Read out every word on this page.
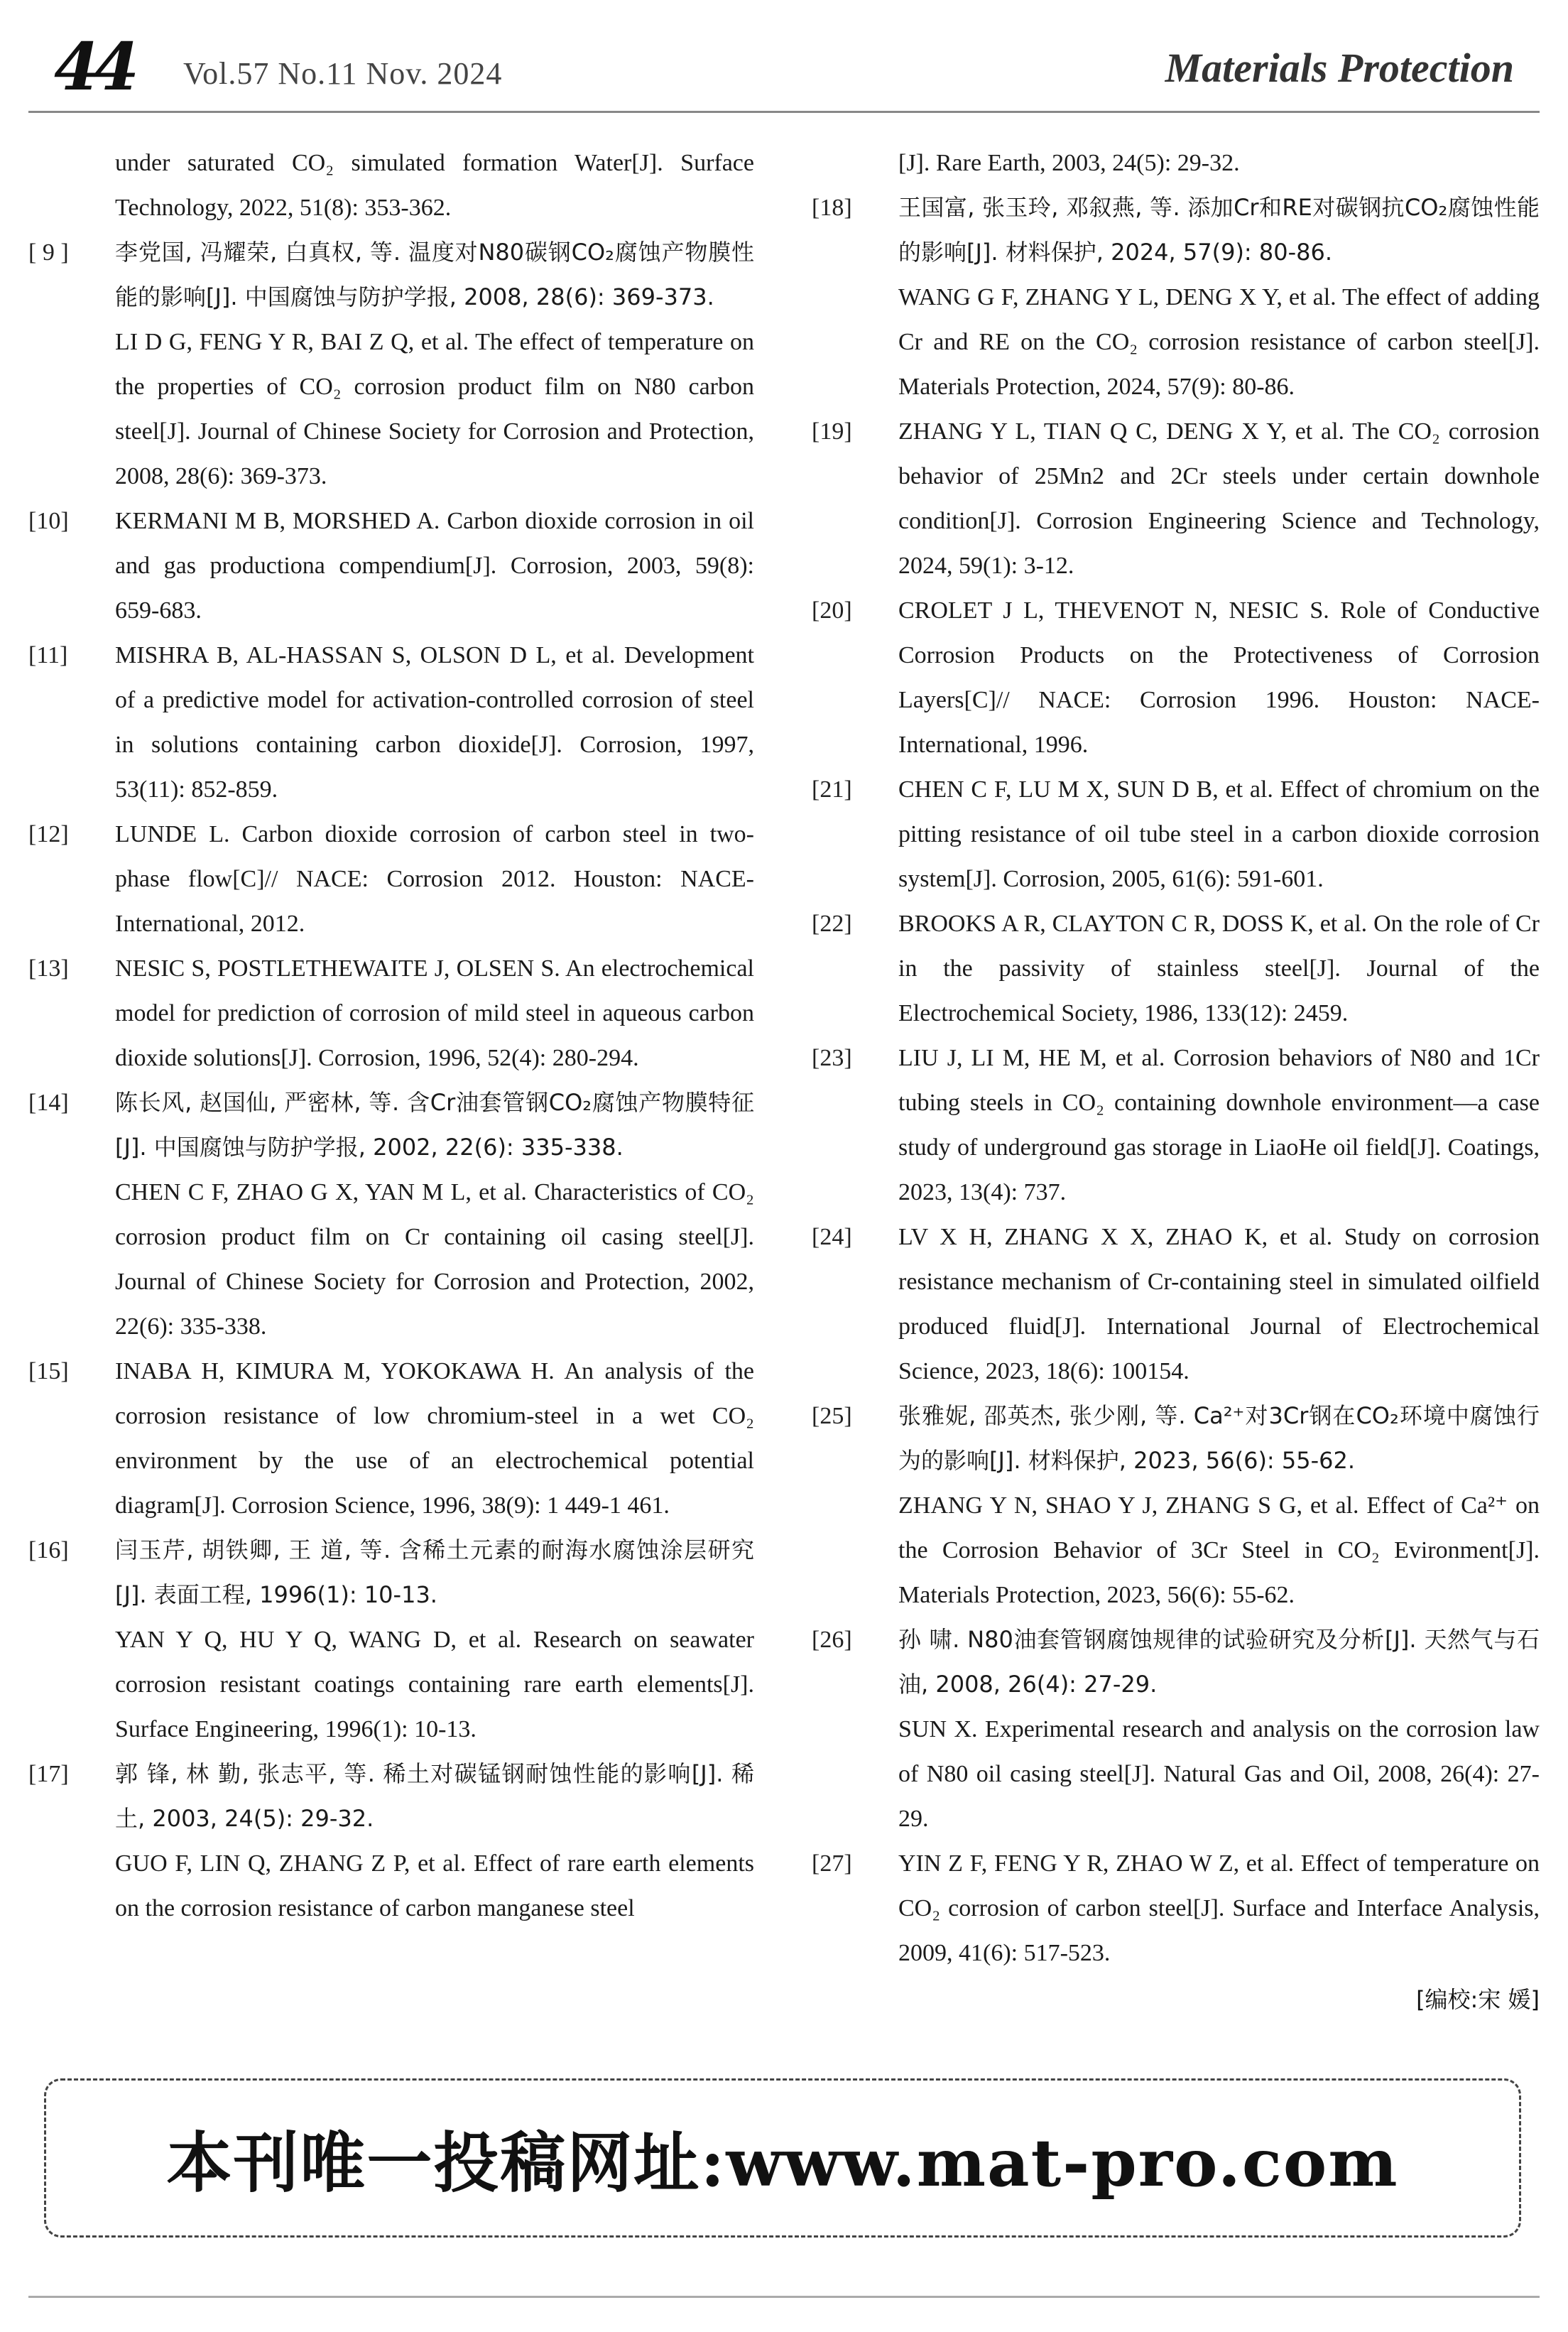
44 Vol.57 No.11 Nov. 2024	Materials Protection

under saturated CO₂ simulated formation Water[J]. Surface Technology, 2022, 51(8): 353-362.

[ 9 ] 李党国, 冯耀荣, 白真权, 等. 温度对N80碳钢CO₂腐蚀产物膜性能的影响[J]. 中国腐蚀与防护学报, 2008, 28(6): 369-373.

LI D G, FENG Y R, BAI Z Q, et al. The effect of temperature on the properties of CO₂ corrosion product film on N80 carbon steel[J]. Journal of Chinese Society for Corrosion and Protection, 2008, 28(6): 369-373.

[10] KERMANI M B, MORSHED A. Carbon dioxide corrosion in oil and gas productiona compendium[J]. Corrosion, 2003, 59(8): 659-683.

[11] MISHRA B, AL-HASSAN S, OLSON D L, et al. Development of a predictive model for activation-controlled corrosion of steel in solutions containing carbon dioxide[J]. Corrosion, 1997, 53(11): 852-859.

[12] LUNDE L. Carbon dioxide corrosion of carbon steel in two-phase flow[C]// NACE: Corrosion 2012. Houston: NACE-International, 2012.

[13] NESIC S, POSTLETHEWAITE J, OLSEN S. An electrochemical model for prediction of corrosion of mild steel in aqueous carbon dioxide solutions[J]. Corrosion, 1996, 52(4): 280-294.

[14] 陈长风, 赵国仙, 严密林, 等. 含Cr油套管钢CO₂腐蚀产物膜特征[J]. 中国腐蚀与防护学报, 2002, 22(6): 335-338.

CHEN C F, ZHAO G X, YAN M L, et al. Characteristics of CO₂ corrosion product film on Cr containing oil casing steel[J]. Journal of Chinese Society for Corrosion and Protection, 2002, 22(6): 335-338.

[15] INABA H, KIMURA M, YOKOKAWA H. An analysis of the corrosion resistance of low chromium-steel in a wet CO₂ environment by the use of an electrochemical potential diagram[J]. Corrosion Science, 1996, 38(9): 1 449-1 461.

[16] 闫玉芹, 胡铁卿, 王 道, 等. 含稀土元素的耐海水腐蚀涂层研究[J]. 表面工程, 1996(1): 10-13.

YAN Y Q, HU Y Q, WANG D, et al. Research on seawater corrosion resistant coatings containing rare earth elements[J]. Surface Engineering, 1996(1): 10-13.

[17] 郭 锋, 林 勤, 张志平, 等. 稀土对碳锰钢耐蚀性能的影响[J]. 稀土, 2003, 24(5): 29-32.

GUO F, LIN Q, ZHANG Z P, et al. Effect of rare earth elements on the corrosion resistance of carbon manganese steel

[J]. Rare Earth, 2003, 24(5): 29-32.

[18] 王国富, 张玉玲, 邓叙燕, 等. 添加Cr和RE对碳钢抗CO₂腐蚀性能的影响[J]. 材料保护, 2024, 57(9): 80-86.

WANG G F, ZHANG Y L, DENG X Y, et al. The effect of adding Cr and RE on the CO₂ corrosion resistance of carbon steel[J]. Materials Protection, 2024, 57(9): 80-86.

[19] ZHANG Y L, TIAN Q C, DENG X Y, et al. The CO₂ corrosion behavior of 25Mn2 and 2Cr steels under certain downhole condition[J]. Corrosion Engineering Science and Technology, 2024, 59(1): 3-12.

[20] CROLET J L, THEVENOT N, NESIC S. Role of Conductive Corrosion Products on the Protectiveness of Corrosion Layers[C]// NACE: Corrosion 1996. Houston: NACE-International, 1996.

[21] CHEN C F, LU M X, SUN D B, et al. Effect of chromium on the pitting resistance of oil tube steel in a carbon dioxide corrosion system[J]. Corrosion, 2005, 61(6): 591-601.

[22] BROOKS A R, CLAYTON C R, DOSS K, et al. On the role of Cr in the passivity of stainless steel[J]. Journal of the Electrochemical Society, 1986, 133(12): 2459.

[23] LIU J, LI M, HE M, et al. Corrosion behaviors of N80 and 1Cr tubing steels in CO₂ containing downhole environment—a case study of underground gas storage in LiaoHe oil field[J]. Coatings, 2023, 13(4): 737.

[24] LV X H, ZHANG X X, ZHAO K, et al. Study on corrosion resistance mechanism of Cr-containing steel in simulated oilfield produced fluid[J]. International Journal of Electrochemical Science, 2023, 18(6): 100154.

[25] 张雅妮, 邵英杰, 张少刚, 等. Ca²⁺对3Cr钢在CO₂环境中腐蚀行为的影响[J]. 材料保护, 2023, 56(6): 55-62.

ZHANG Y N, SHAO Y J, ZHANG S G, et al. Effect of Ca²⁺ on the Corrosion Behavior of 3Cr Steel in CO₂ Evironment[J]. Materials Protection, 2023, 56(6): 55-62.

[26] 孙 啸. N80油套管钢腐蚀规律的试验研究及分析[J]. 天然气与石油, 2008, 26(4): 27-29.

SUN X. Experimental research and analysis on the corrosion law of N80 oil casing steel[J]. Natural Gas and Oil, 2008, 26(4): 27-29.

[27] YIN Z F, FENG Y R, ZHAO W Z, et al. Effect of temperature on CO₂ corrosion of carbon steel[J]. Surface and Interface Analysis, 2009, 41(6): 517-523.

[编校:宋 媛]
本刊唯一投稿网址:www.mat-pro.com
